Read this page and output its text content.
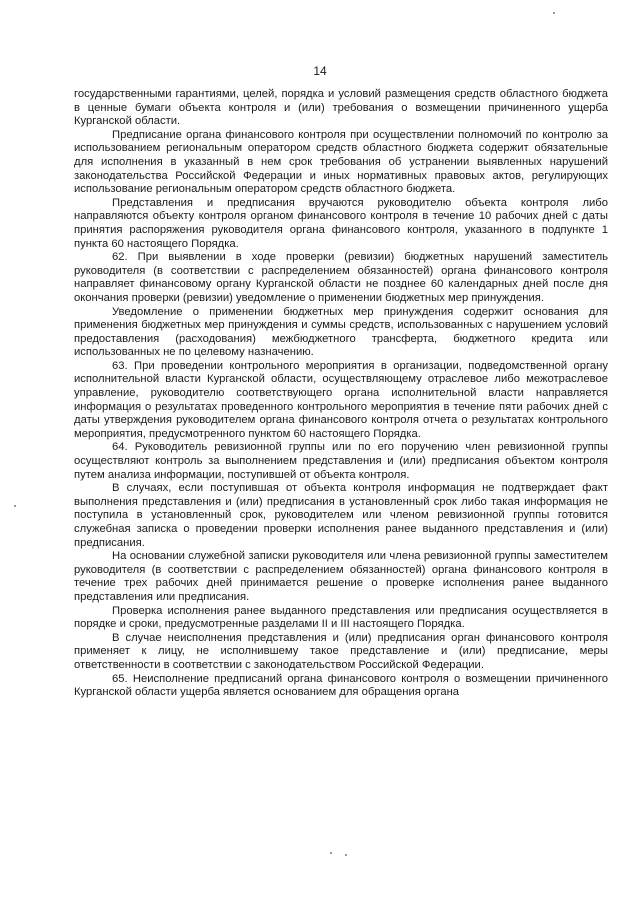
14

государственными гарантиями, целей, порядка и условий размещения средств областного бюджета в ценные бумаги объекта контроля и (или) требования о возмещении причиненного ущерба Курганской области.

Предписание органа финансового контроля при осуществлении полномочий по контролю за использованием региональным оператором средств областного бюджета содержит обязательные для исполнения в указанный в нем срок требования об устранении выявленных нарушений законодательства Российской Федерации и иных нормативных правовых актов, регулирующих использование региональным оператором средств областного бюджета.

Представления и предписания вручаются руководителю объекта контроля либо направляются объекту контроля органом финансового контроля в течение 10 рабочих дней с даты принятия распоряжения руководителя органа финансового контроля, указанного в подпункте 1 пункта 60 настоящего Порядка.

62. При выявлении в ходе проверки (ревизии) бюджетных нарушений заместитель руководителя (в соответствии с распределением обязанностей) органа финансового контроля направляет финансовому органу Курганской области не позднее 60 календарных дней после дня окончания проверки (ревизии) уведомление о применении бюджетных мер принуждения.

Уведомление о применении бюджетных мер принуждения содержит основания для применения бюджетных мер принуждения и суммы средств, использованных с нарушением условий предоставления (расходования) межбюджетного трансферта, бюджетного кредита или использованных не по целевому назначению.

63. При проведении контрольного мероприятия в организации, подведомственной органу исполнительной власти Курганской области, осуществляющему отраслевое либо межотраслевое управление, руководителю соответствующего органа исполнительной власти направляется информация о результатах проведенного контрольного мероприятия в течение пяти рабочих дней с даты утверждения руководителем органа финансового контроля отчета о результатах контрольного мероприятия, предусмотренного пунктом 60 настоящего Порядка.

64. Руководитель ревизионной группы или по его поручению член ревизионной группы осуществляют контроль за выполнением представления и (или) предписания объектом контроля путем анализа информации, поступившей от объекта контроля.

В случаях, если поступившая от объекта контроля информация не подтверждает факт выполнения представления и (или) предписания в установленный срок либо такая информация не поступила в установленный срок, руководителем или членом ревизионной группы готовится служебная записка о проведении проверки исполнения ранее выданного представления и (или) предписания.

На основании служебной записки руководителя или члена ревизионной группы заместителем руководителя (в соответствии с распределением обязанностей) органа финансового контроля в течение трех рабочих дней принимается решение о проверке исполнения ранее выданного представления или предписания.

Проверка исполнения ранее выданного представления или предписания осуществляется в порядке и сроки, предусмотренные разделами II и III настоящего Порядка.

В случае неисполнения представления и (или) предписания орган финансового контроля применяет к лицу, не исполнившему такое представление и (или) предписание, меры ответственности в соответствии с законодательством Российской Федерации.

65. Неисполнение предписаний органа финансового контроля о возмещении причиненного Курганской области ущерба является основанием для обращения органа
